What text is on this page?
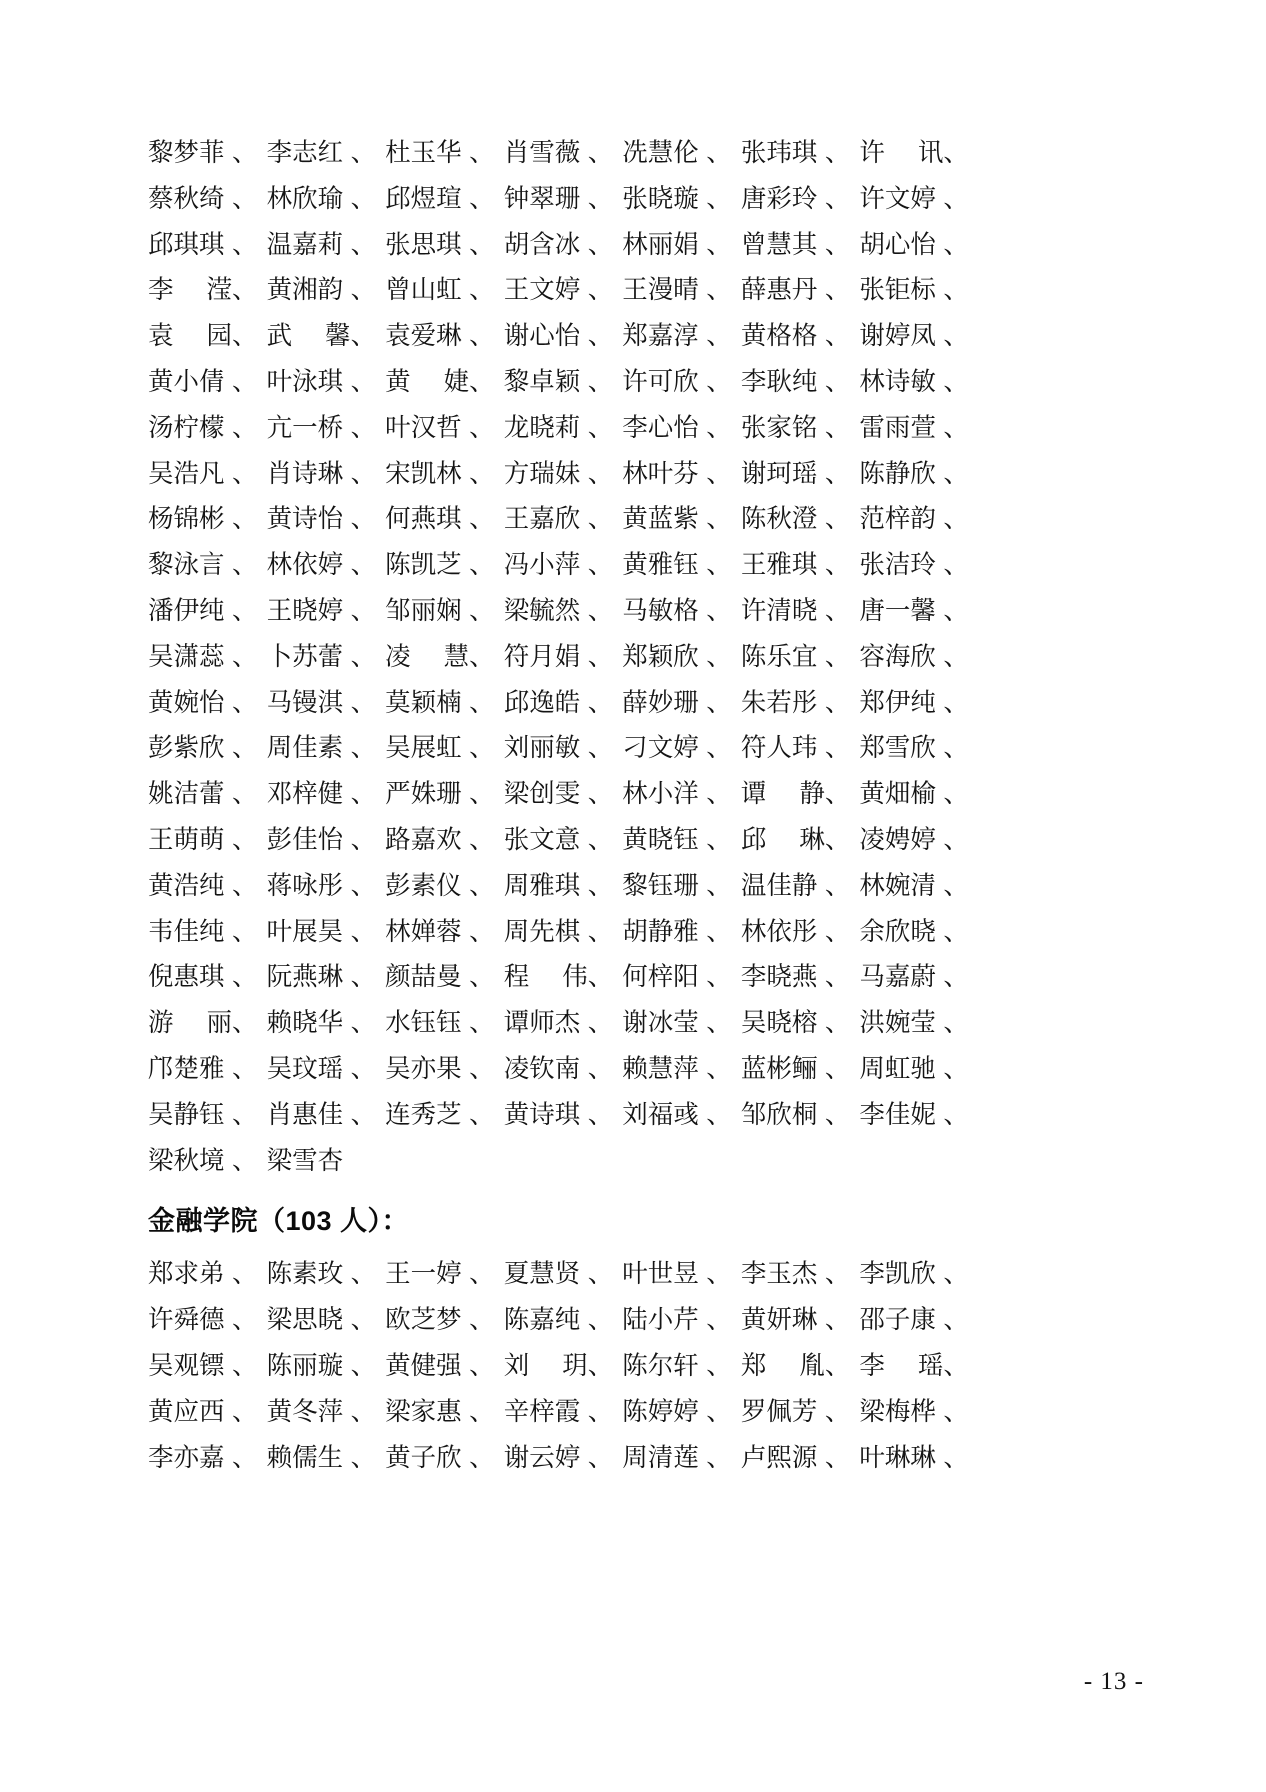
黎梦菲 、 李志红 、 杜玉华 、 肖雪薇 、 冼慧伦 、 张玮琪 、 许讯、
蔡秋绮 、 林欣瑜 、 邱煜瑄 、 钟翠珊 、 张晓璇 、 唐彩玲 、 许文婷 、
邱琪琪 、 温嘉莉 、 张思琪 、 胡含冰 、 林丽娟 、 曾慧其 、 胡心怡 、
李滢、 黄湘韵 、 曾山虹 、 王文婷 、 王漫晴 、 薛惠丹 、 张钜标 、
袁园、 武馨、 袁爱琳 、 谢心怡 、 郑嘉淳 、 黄格格 、 谢婷凤 、
黄小倩 、 叶泳琪 、 黄婕、 黎卓颖 、 许可欣 、 李耿纯 、 林诗敏 、
汤柠檬 、 亢一桥 、 叶汉哲 、 龙晓莉 、 李心怡 、 张家铭 、 雷雨萱 、
吴浩凡 、 肖诗琳 、 宋凯林 、 方瑞妹 、 林叶芬 、 谢珂瑶 、 陈静欣 、
杨锦彬 、 黄诗怡 、 何燕琪 、 王嘉欣 、 黄蓝紫 、 陈秋澄 、 范梓韵 、
黎泳言 、 林依婷 、 陈凯芝 、 冯小萍 、 黄雅钰 、 王雅琪 、 张洁玲 、
潘伊纯 、 王晓婷 、 邹丽娴 、 梁毓然 、 马敏格 、 许清晓 、 唐一馨 、
吴潇蕊 、 卜苏蕾 、 凌慧、 符月娟 、 郑颖欣 、 陈乐宜 、 容海欣 、
黄婉怡 、 马镘淇 、 莫颖楠 、 邱逸皓 、 薛妙珊 、 朱若彤 、 郑伊纯 、
彭紫欣 、 周佳素 、 吴展虹 、 刘丽敏 、 刁文婷 、 符人玮 、 郑雪欣 、
姚洁蕾 、 邓梓健 、 严姝珊 、 梁创雯 、 林小洋 、 谭静、 黄畑榆 、
王萌萌 、 彭佳怡 、 路嘉欢 、 张文意 、 黄晓钰 、 邱琳、 凌娉婷 、
黄浩纯 、 蒋咏彤 、 彭素仪 、 周雅琪 、 黎钰珊 、 温佳静 、 林婉清 、
韦佳纯 、 叶展昊 、 林婵蓉 、 周先棋 、 胡静雅 、 林依彤 、 余欣晓 、
倪惠琪 、 阮燕琳 、 颜喆曼 、 程伟、 何梓阳 、 李晓燕 、 马嘉蔚 、
游丽、 赖晓华 、 水钰钰 、 谭师杰 、 谢冰莹 、 吴晓榕 、 洪婉莹 、
邝楚雅 、 吴玟瑶 、 吴亦果 、 凌钦南 、 赖慧萍 、 蓝彬鲡 、 周虹驰 、
吴静钰 、 肖惠佳 、 连秀芝 、 黄诗琪 、 刘福彧 、 邹欣桐 、 李佳妮 、
梁秋境 、 梁雪杏
金融学院（103 人）：
郑求弟 、 陈素玫 、 王一婷 、 夏慧贤 、 叶世昱 、 李玉杰 、 李凯欣 、
许舜德 、 梁思晓 、 欧芝梦 、 陈嘉纯 、 陆小芹 、 黄妍琳 、 邵子康 、
吴观镖 、 陈丽璇 、 黄健强 、 刘玥、 陈尔轩 、 郑胤、 李瑶、
黄应西 、 黄冬萍 、 梁家惠 、 辛梓霞 、 陈婷婷 、 罗佩芳 、 梁梅桦 、
李亦嘉 、 赖儒生 、 黄子欣 、 谢云婷 、 周清莲 、 卢熙源 、 叶琳琳 、
- 13 -
